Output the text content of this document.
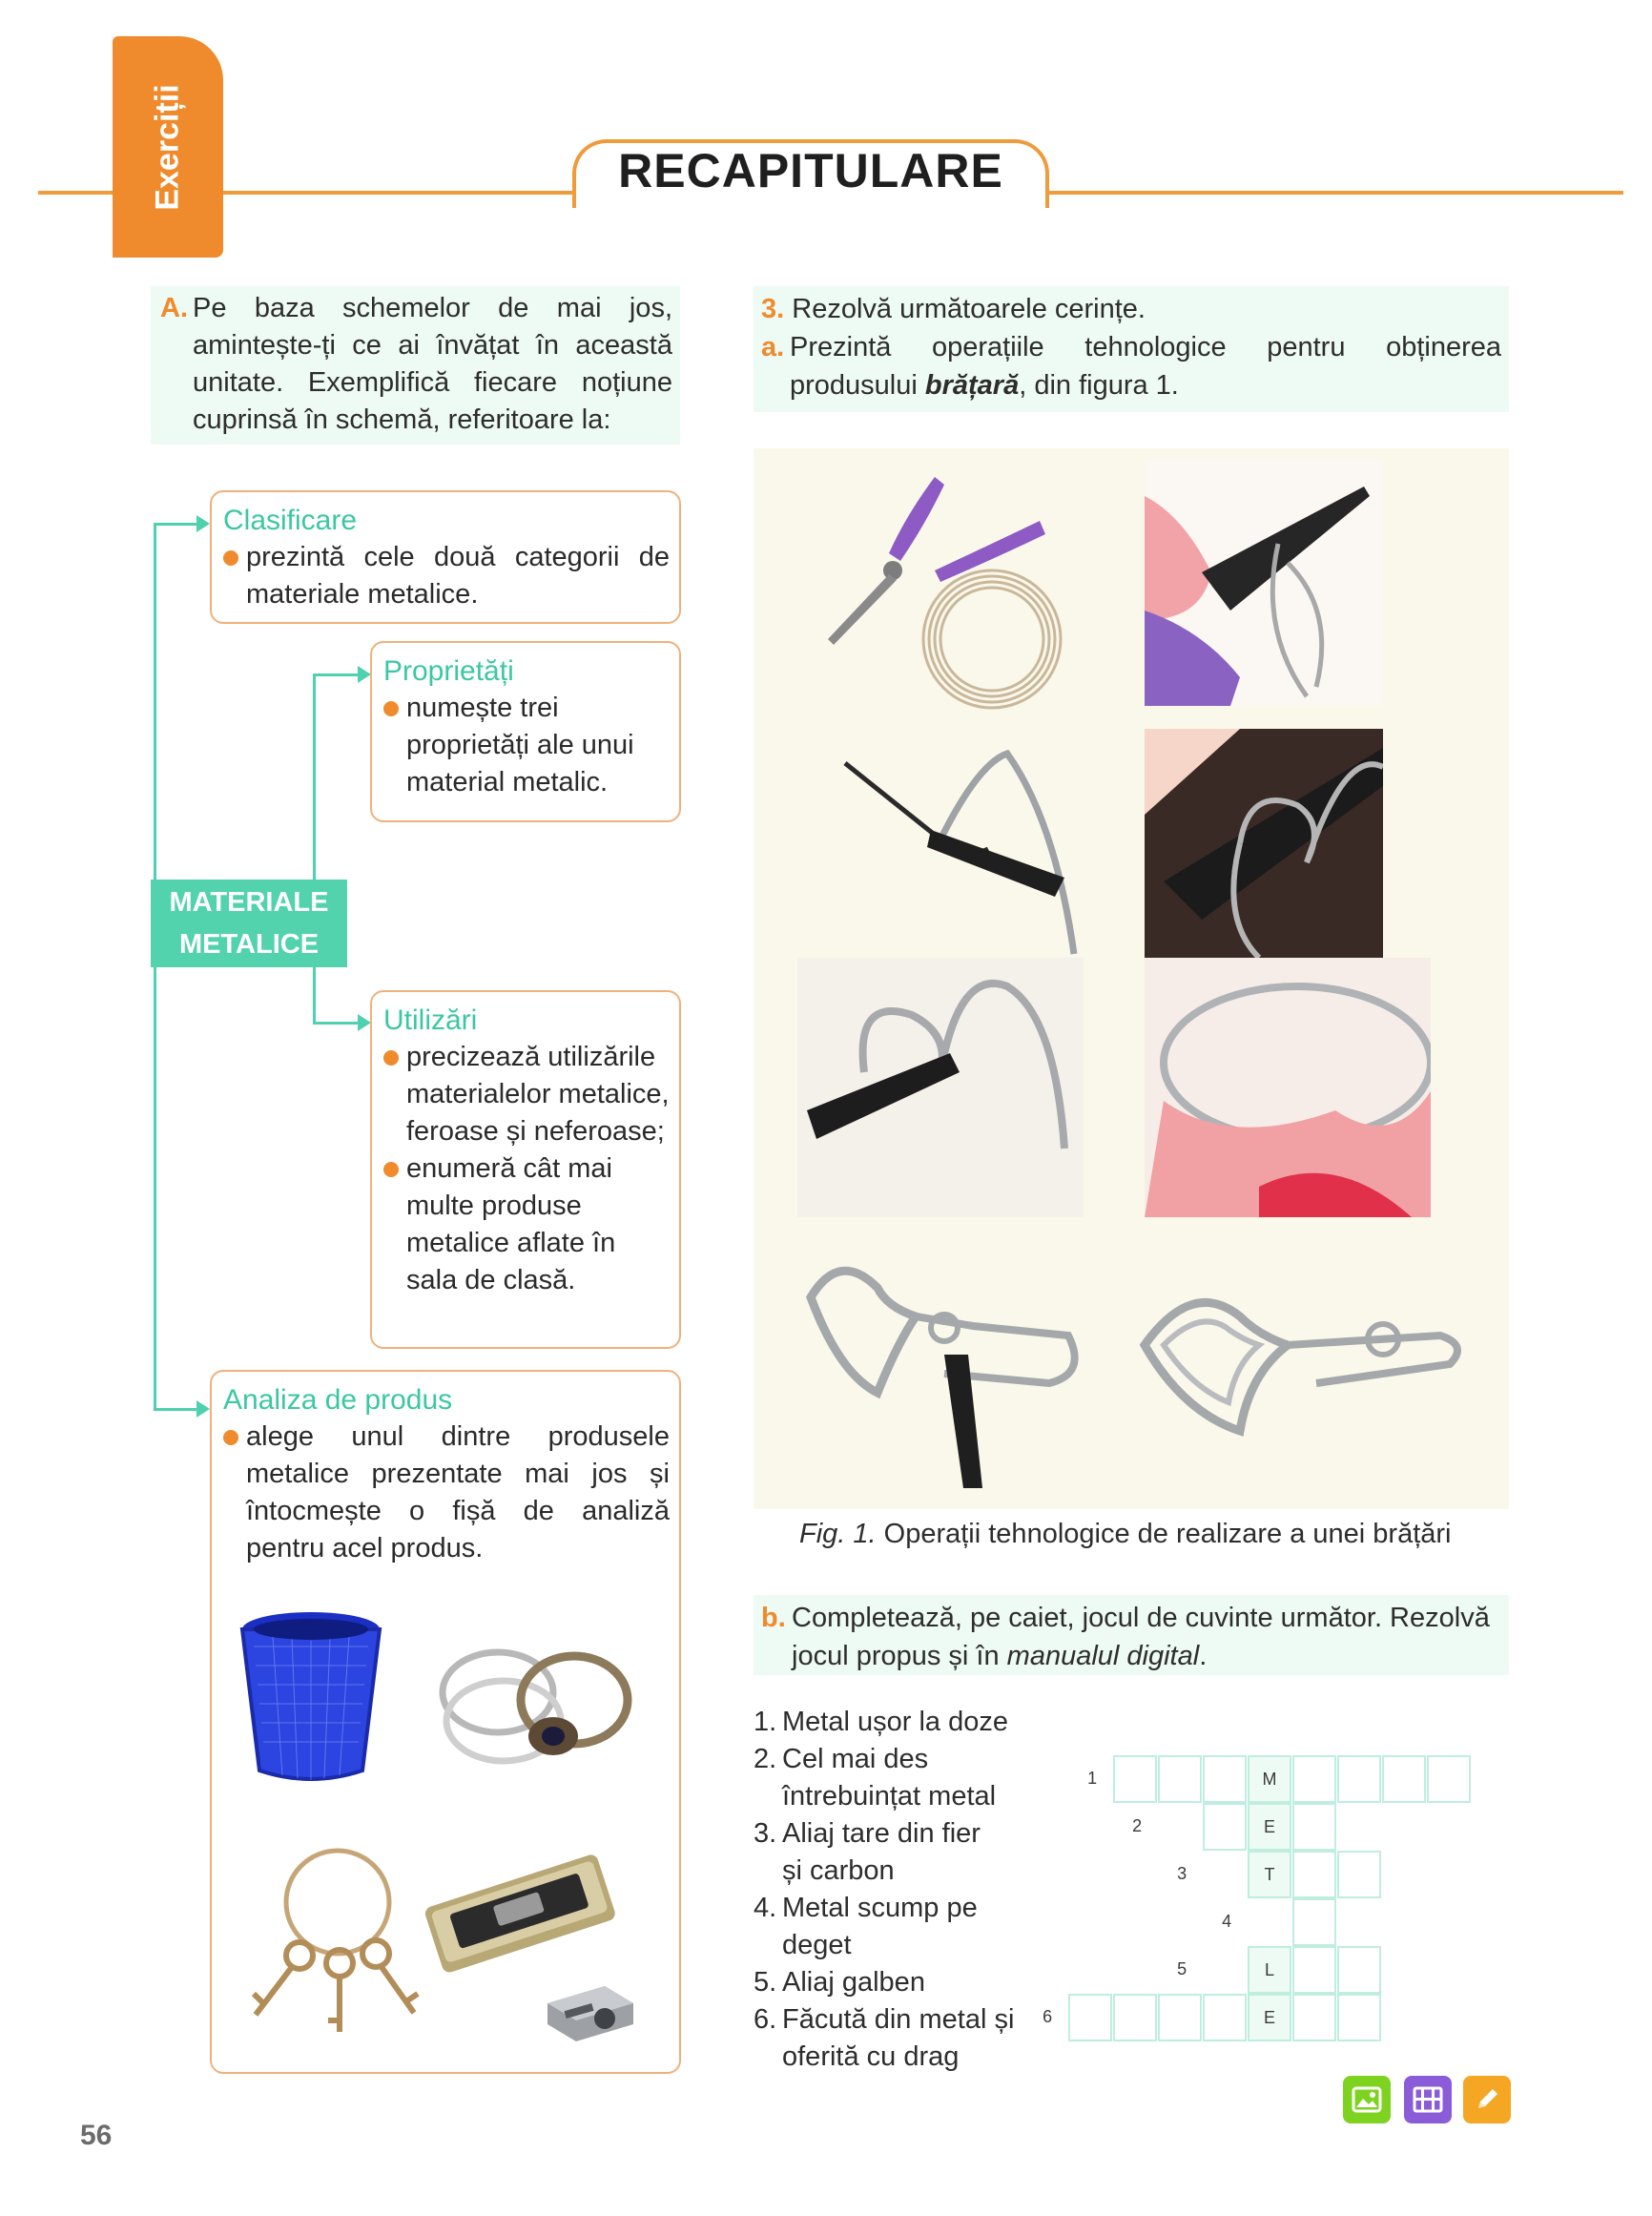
Exerciții	RECAPITULARE
A. Pe baza schemelor de mai jos, amintește-ți ce ai învățat în această unitate. Exemplifică fiecare noțiune cuprinsă în schemă, referitoare la:
MATERIALE METALICE
Clasificare
prezintă cele două categorii de materiale metalice.
Proprietăți
numește trei proprietăți ale unui material metalic.
Utilizări
precizează utilizările materialelor metalice, feroase și neferoase;
enumeră cât mai multe produse metalice aflate în sala de clasă.
Analiza de produs
alege unul dintre produsele metalice prezentate mai jos și întocmește o fișă de analiză pentru acel produs.
3. Rezolvă următoarele cerințe.
a. Prezintă operațiile tehnologice pentru obținerea produsului brățară, din figura 1.
Fig. 1. Operații tehnologice de realizare a unei brățări
b. Completează, pe caiet, jocul de cuvinte următor. Rezolvă jocul propus și în manualul digital.
1. Metal ușor la doze
2. Cel mai des întrebuințat metal
3. Aliaj tare din fier și carbon
4. Metal scump pe deget
5. Aliaj galben
6. Făcută din metal și oferită cu drag
1	M
2	E
3	T
4
5	L
6	E
56
